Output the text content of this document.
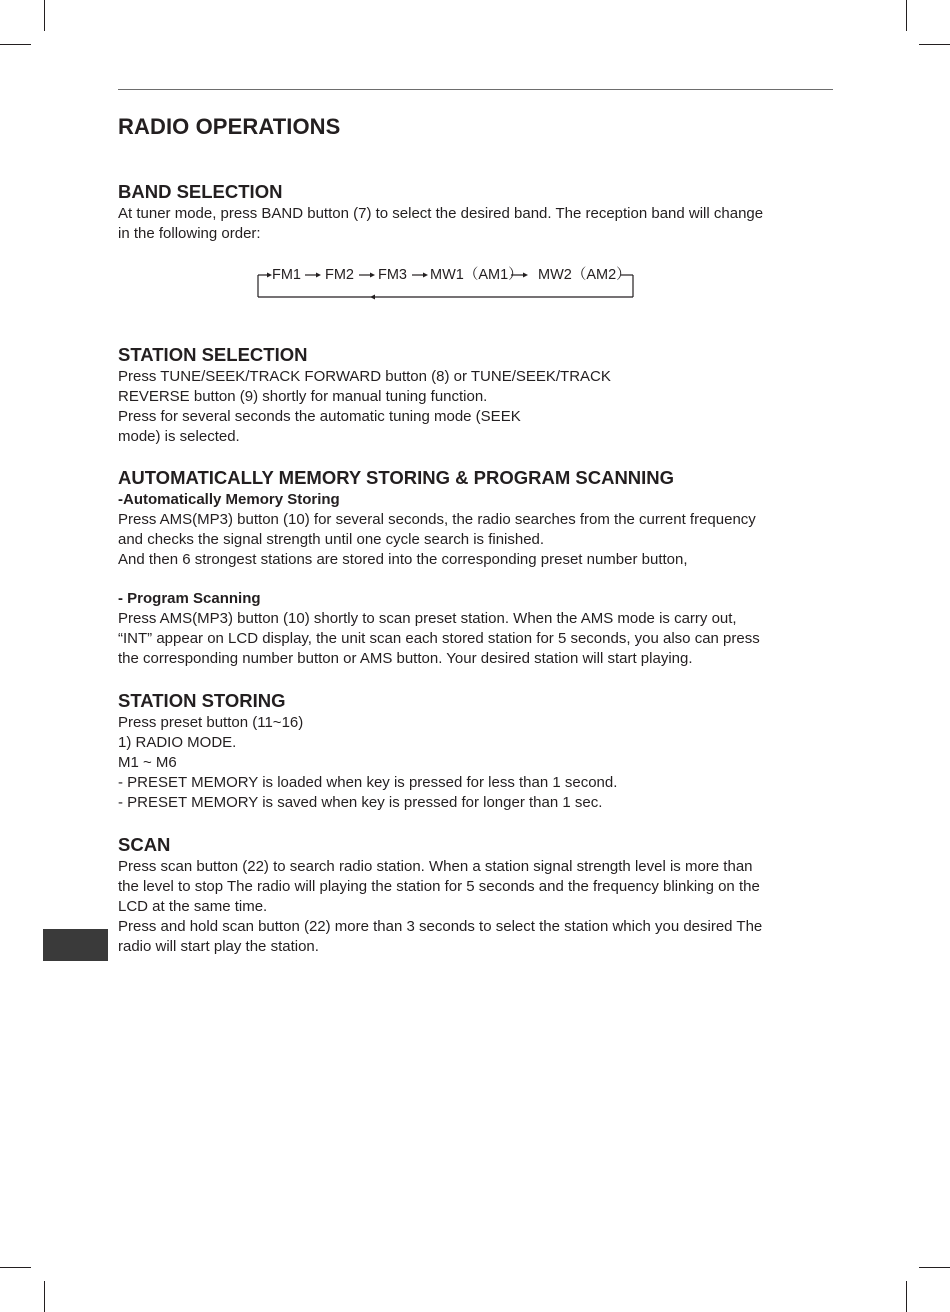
RADIO OPERATIONS
BAND SELECTION

At tuner mode, press BAND button (7) to select the desired band. The reception band will change

in the following order:

STATION SELECTION

Press TUNE/SEEK/TRACK FORWARD button (8) or TUNE/SEEK/TRACK

REVERSE button (9) shortly for manual tuning function.

Press for several seconds the automatic tuning mode (SEEK

mode) is selected.

AUTOMATICALLY MEMORY STORING & PROGRAM SCANNING

-Automatically Memory Storing

Press AMS(MP3) button (10) for several seconds, the radio searches from the current frequency

and checks the signal strength until one cycle search is finished.

And then 6 strongest stations are stored into the corresponding preset number button,

- Program Scanning

Press AMS(MP3) button (10) shortly to scan preset station. When the AMS mode is carry out,

“INT” appear on LCD display, the unit scan each stored station for 5 seconds, you also can press

the corresponding number button or AMS button. Your desired station will start playing.

STATION STORING

Press preset button (11~16)

1) RADIO MODE.

M1 ~ M6

- PRESET MEMORY is loaded when key is pressed for less than 1 second.

- PRESET MEMORY is saved when key is pressed for longer than 1 sec.

SCAN

Press scan button (22) to search radio station. When a station signal strength level is more than

the level to stop The radio will playing the station for 5 seconds and the frequency blinking on the

LCD at the same time.

Press and hold scan button (22) more than 3 seconds to select the station which you desired The

radio will start play the station.

FM1 FM2 FM3 MW1（AM1） MW2（AM2）
